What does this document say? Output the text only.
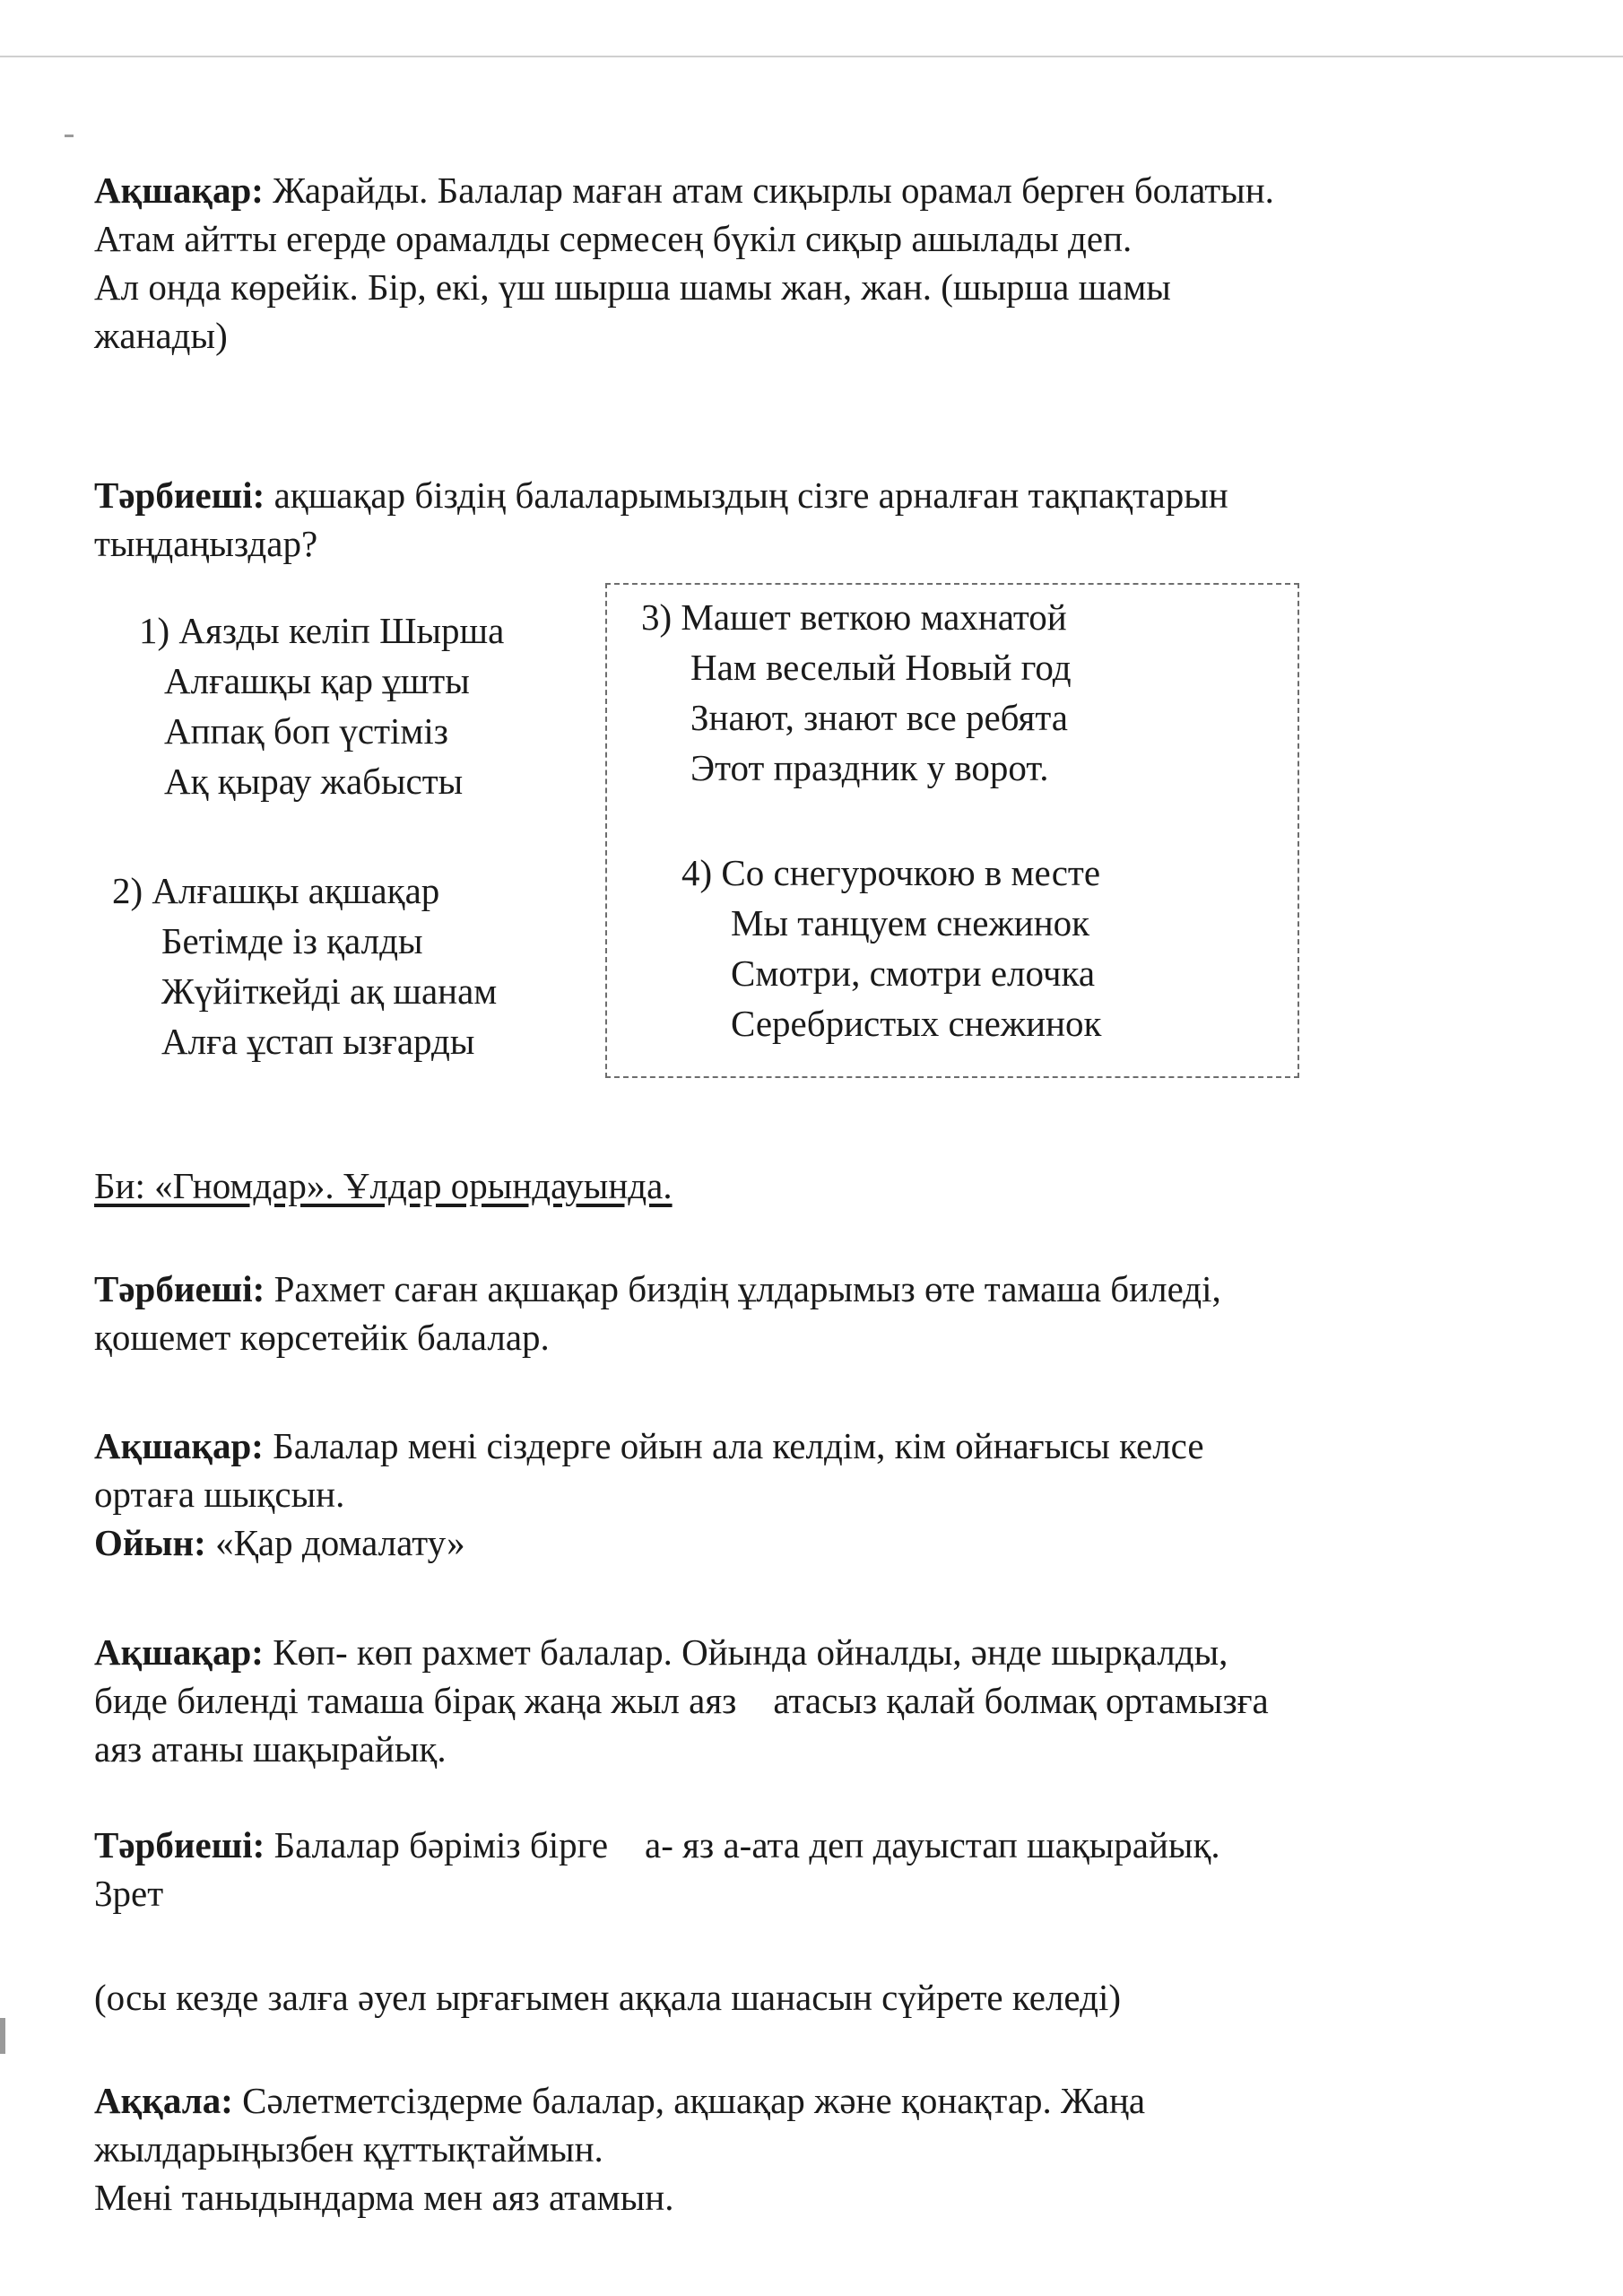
Ақшақар: Жарайды. Балалар маған атам сиқырлы орамал берген болатын.
Атам айтты егерде орамалды сермесең бүкіл сиқыр ашылады деп.
Ал онда көрейік. Бір, екі, үш шырша шамы жан, жан. (шырша шамы
жанады)
Тәрбиеші: ақшақар біздің балаларымыздың сізге арналған тақпақтарын
тыңдаңыздар?
1) Аязды келіп Шырша
Алғашқы қар ұшты
Аппақ боп үстіміз
Ақ қырау жабысты
2) Алғашқы ақшақар
Бетімде із қалды
Жүйіткейді ақ шанам
Алға ұстап ызғарды
3) Машет веткою махнатой
Нам веселый Новый год
Знают, знают все ребята
Этот праздник у ворот.
4) Со снегурочкою в месте
Мы танцуем снежинок
Смотри, смотри елочка
Серебристых снежинок
Би: «Гномдар». Ұлдар орындауында.
Тәрбиеші: Рахмет саған ақшақар биздің ұлдарымыз өте тамаша биледі,
қошемет көрсетейік балалар.
Ақшақар: Балалар мені сіздерге ойын ала келдім, кім ойнағысы келсе
ортаға шықсын.
Ойын: «Қар домалату»
Ақшақар: Көп- көп рахмет балалар. Ойында ойналды, әнде шырқалды,
биде биленді тамаша бірақ жаңа жыл аяз    атасыз қалай болмақ ортамызға
аяз атаны шақырайық.
Тәрбиеші: Балалар бәріміз бірге    а- яз а-ата деп дауыстап шақырайық.
3рет
(осы кезде залға әуел ырғағымен аққала шанасын сүйрете келеді)
Аққала: Сәлетметсіздерме балалар, ақшақар және қонақтар. Жаңа
жылдарыңызбен құттықтаймын.
Мені таныдындарма мен аяз атамын.
